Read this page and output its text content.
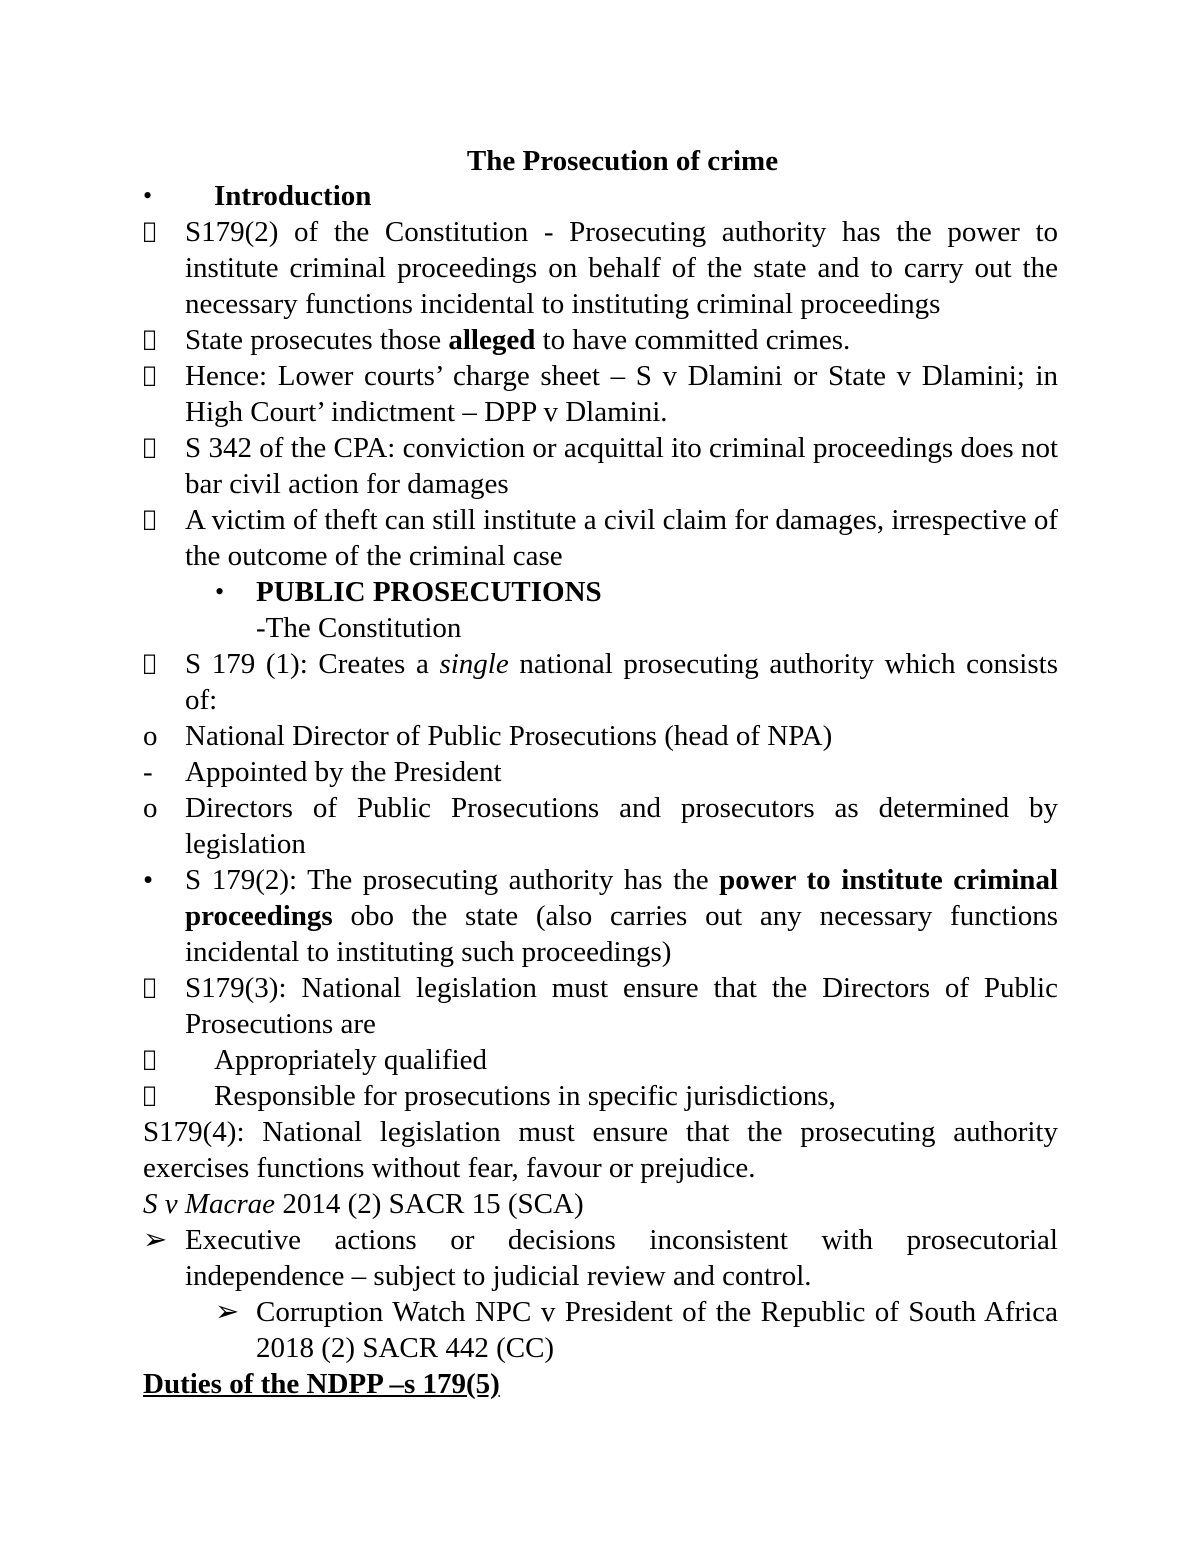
The Prosecution of crime
•	Introduction
S179(2) of the Constitution - Prosecuting authority has the power to institute criminal proceedings on behalf of the state and to carry out the necessary functions incidental to instituting criminal proceedings
State prosecutes those alleged to have committed crimes.
Hence: Lower courts’ charge sheet – S v Dlamini or State v Dlamini; in High Court’ indictment – DPP v Dlamini.
S 342 of the CPA: conviction or acquittal ito criminal proceedings does not bar civil action for damages
A victim of theft can still institute a civil claim for damages, irrespective of the outcome of the criminal case
•	PUBLIC PROSECUTIONS
-The Constitution
S 179 (1): Creates a single national prosecuting authority which consists of:
o National Director of Public Prosecutions (head of NPA)
-	Appointed by the President
o Directors of Public Prosecutions and prosecutors as determined by legislation
•	S 179(2): The prosecuting authority has the power to institute criminal proceedings obo the state (also carries out any necessary functions incidental to instituting such proceedings)
S179(3): National legislation must ensure that the Directors of Public Prosecutions are
Appropriately qualified
Responsible for prosecutions in specific jurisdictions,
S179(4): National legislation must ensure that the prosecuting authority exercises functions without fear, favour or prejudice.
S v Macrae 2014 (2) SACR 15 (SCA)
➢ Executive actions or decisions inconsistent with prosecutorial independence – subject to judicial review and control.
➢ Corruption Watch NPC v President of the Republic of South Africa 2018 (2) SACR 442 (CC)
Duties of the NDPP –s 179(5)
